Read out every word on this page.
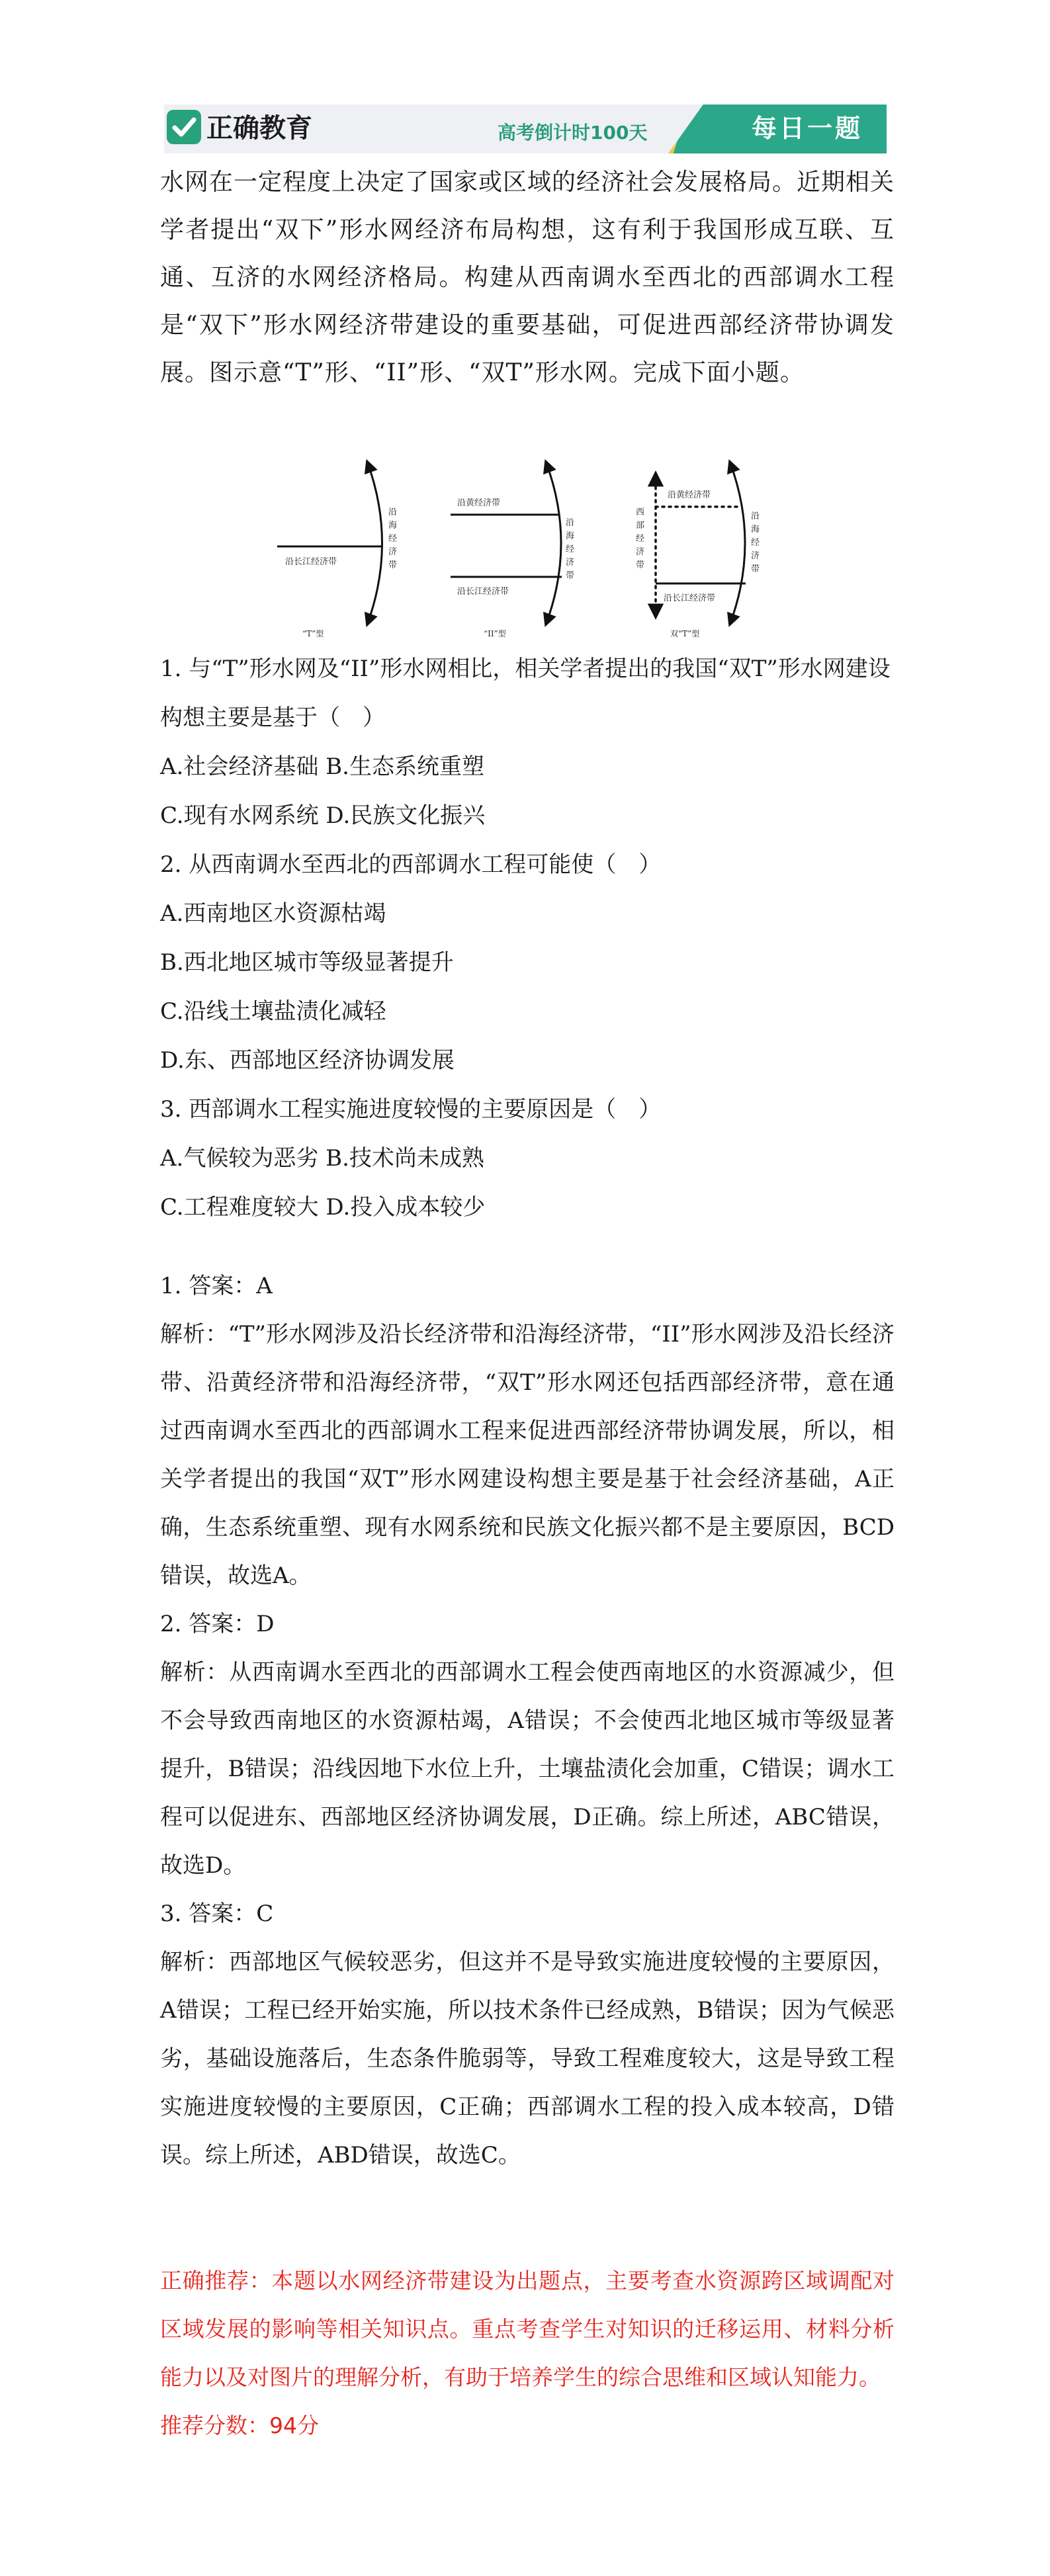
正确教育	高考倒计时100天	每日一题
水网在一定程度上决定了国家或区域的经济社会发展格局。近期相关学者提出“双下”形水网经济布局构想，这有利于我国形成互联、互通、互济的水网经济格局。构建从西南调水至西北的西部调水工程是“双下”形水网经济带建设的重要基础，可促进西部经济带协调发展。图示意“T”形、“II”形、“双T”形水网。完成下面小题。
沿长江经济带
沿
海
经
济
带
“T”型
沿黄经济带
沿长江经济带
沿
海
经
济
带
“II”型
沿黄经济带
沿长江经济带
西
部
经
济
带
沿
海
经
济
带
双“T”型

1. 与“T”形水网及“II”形水网相比，相关学者提出的我国“双T”形水网建设构想主要是基于（　）

A.社会经济基础 B.生态系统重塑

C.现有水网系统 D.民族文化振兴

2. 从西南调水至西北的西部调水工程可能使（　）

A.西南地区水资源枯竭

B.西北地区城市等级显著提升

C.沿线土壤盐渍化减轻

D.东、西部地区经济协调发展

3. 西部调水工程实施进度较慢的主要原因是（　）

A.气候较为恶劣 B.技术尚未成熟

C.工程难度较大 D.投入成本较少

1. 答案：A

解析：“T”形水网涉及沿长经济带和沿海经济带，“II”形水网涉及沿长经济带、沿黄经济带和沿海经济带，“双T”形水网还包括西部经济带，意在通过西南调水至西北的西部调水工程来促进西部经济带协调发展，所以，相关学者提出的我国“双T”形水网建设构想主要是基于社会经济基础，A正确，生态系统重塑、现有水网系统和民族文化振兴都不是主要原因，BCD错误，故选A。

2. 答案：D

解析：从西南调水至西北的西部调水工程会使西南地区的水资源减少，但不会导致西南地区的水资源枯竭，A错误；不会使西北地区城市等级显著提升，B错误；沿线因地下水位上升，土壤盐渍化会加重，C错误；调水工程可以促进东、西部地区经济协调发展，D正确。综上所述，ABC错误，故选D。

3. 答案：C

解析：西部地区气候较恶劣，但这并不是导致实施进度较慢的主要原因，A错误；工程已经开始实施，所以技术条件已经成熟，B错误；因为气候恶劣，基础设施落后，生态条件脆弱等，导致工程难度较大，这是导致工程实施进度较慢的主要原因，C正确；西部调水工程的投入成本较高，D错误。综上所述，ABD错误，故选C。

正确推荐：本题以水网经济带建设为出题点，主要考查水资源跨区域调配对区域发展的影响等相关知识点。重点考查学生对知识的迁移运用、材料分析能力以及对图片的理解分析，有助于培养学生的综合思维和区域认知能力。

推荐分数：94分
